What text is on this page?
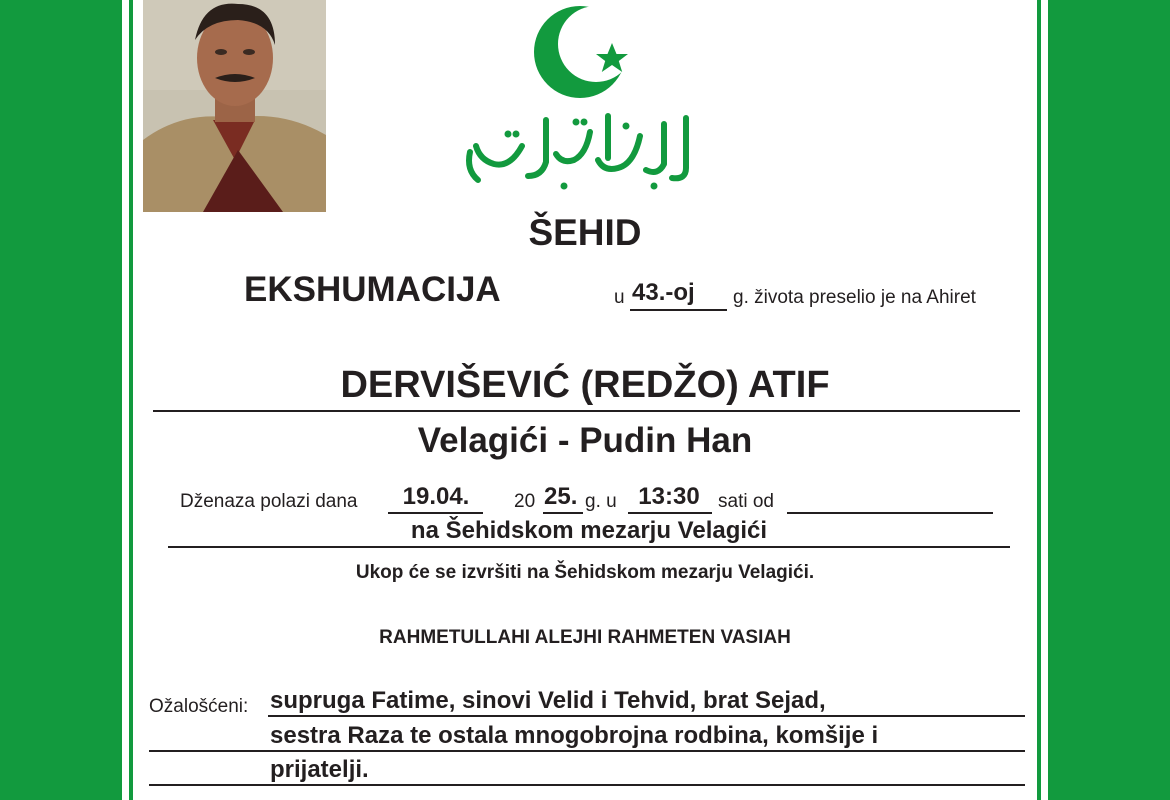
ŠEHID
EKSHUMACIJA	u 43.-oj	g. života preselio je na Ahiret
DERVIŠEVIĆ (REDŽO) ATIF
Velagići - Pudin Han
Dženaza polazi dana	19.04.	20 25. g. u 13:30 sati od
na Šehidskom mezarju Velagići
Ukop će se izvršiti na Šehidskom mezarju Velagići.
RAHMETULLAHI ALEJHI RAHMETEN VASIAH
Ožalošćeni: supruga Fatime, sinovi Velid i Tehvid, brat Sejad,
sestra Raza te ostala mnogobrojna rodbina, komšije i
prijatelji.
